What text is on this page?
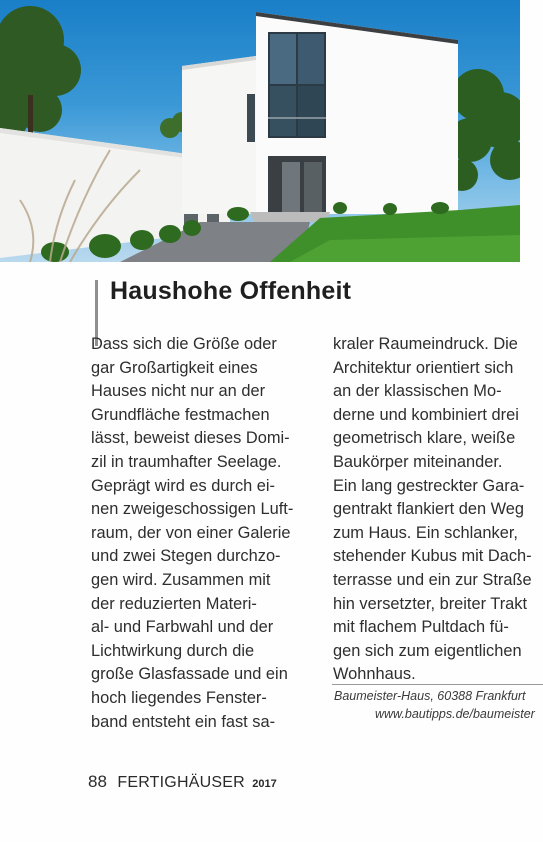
Haushohe Offenheit
Dass sich die Größe oder
gar Großartigkeit eines
Hauses nicht nur an der
Grundfläche festmachen
lässt, beweist dieses Domi-
zil in traumhafter Seelage.
Geprägt wird es durch ei-
nen zweigeschossigen Luft-
raum, der von einer Galerie
und zwei Stegen durchzo-
gen wird. Zusammen mit
der reduzierten Materi-
al- und Farbwahl und der
Lichtwirkung durch die
große Glasfassade und ein
hoch liegendes Fenster-
band entsteht ein fast sa-
kraler Raumeindruck. Die
Architektur orientiert sich
an der klassischen Mo-
derne und kombiniert drei
geometrisch klare, weiße
Baukörper miteinander.
Ein lang gestreckter Gara-
gentrakt flankiert den Weg
zum Haus. Ein schlanker,
stehender Kubus mit Dach-
terrasse und ein zur Straße
hin versetzter, breiter Trakt
mit flachem Pultdach fü-
gen sich zum eigentlichen
Wohnhaus.
Baumeister-Haus, 60388 Frankfurt
www.bautipps.de/baumeister
88 FERTIGHÄUSER 2017
